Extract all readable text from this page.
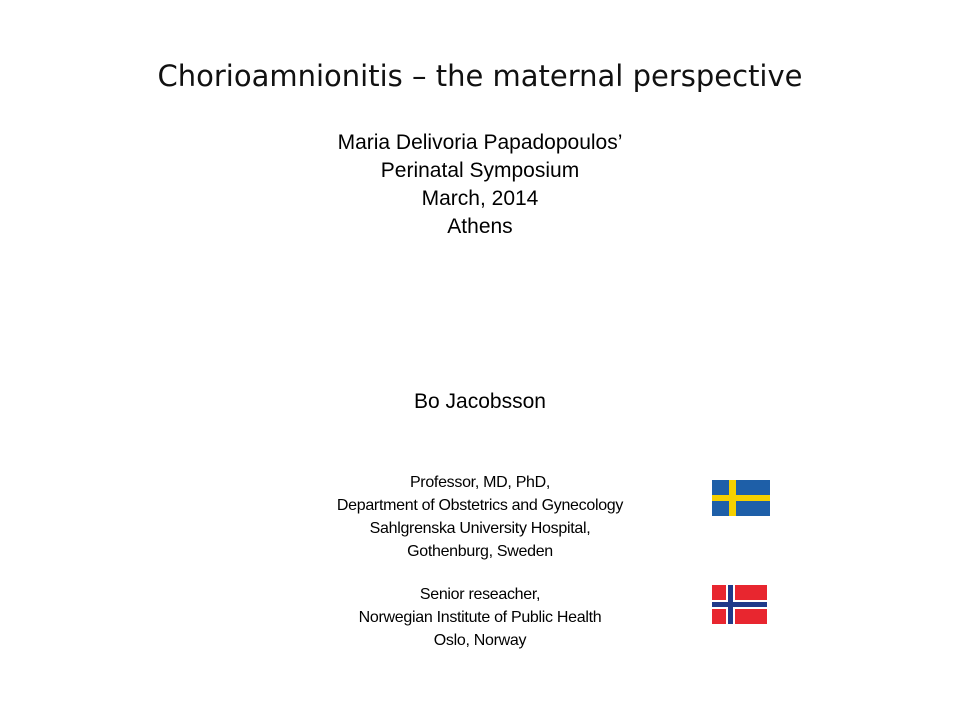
Chorioamnionitis – the maternal perspective
Maria Delivoria Papadopoulos’
Perinatal Symposium
March, 2014
Athens
Bo Jacobsson
Professor, MD, PhD,
Department of Obstetrics and Gynecology
Sahlgrenska University Hospital,
Gothenburg, Sweden
Senior reseacher,
Norwegian Institute of Public Health
Oslo, Norway
